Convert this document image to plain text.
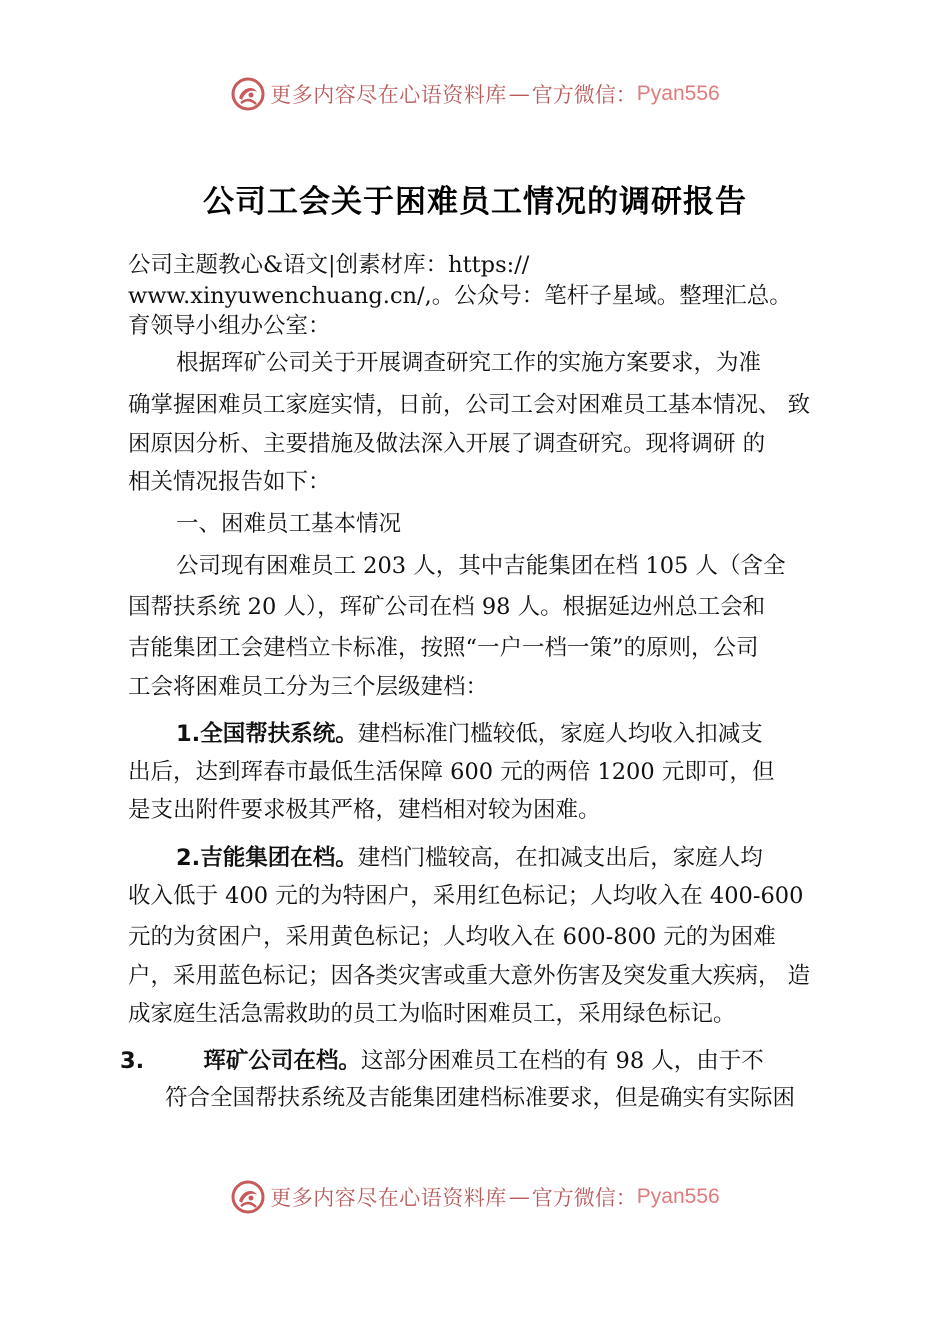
更多内容尽在心语资料库 — 官方微信： Pyan556
公司工会关于困难员工情况的调研报告
公司主题教心&语文|创素材库：https://
www.xinyuwenchuang.cn/,。公众号：笔杆子星域。整理汇总。
育领导小组办公室：
根据珲矿公司关于开展调查研究工作的实施方案要求，为准
确掌握困难员工家庭实情，日前，公司工会对困难员工基本情况、 致
困原因分析、主要措施及做法深入开展了调查研究。现将调研 的
相关情况报告如下：
一、困难员工基本情况
公司现有困难员工 203 人，其中吉能集团在档 105 人（含全
国帮扶系统 20 人），珲矿公司在档 98 人。根据延边州总工会和
吉能集团工会建档立卡标准，按照“一户一档一策”的原则，公司
工会将困难员工分为三个层级建档：
1.全国帮扶系统。建档标准门槛较低，家庭人均收入扣减支
出后，达到珲春市最低生活保障 600 元的两倍 1200 元即可，但
是支出附件要求极其严格，建档相对较为困难。
2.吉能集团在档。建档门槛较高，在扣减支出后，家庭人均
收入低于 400 元的为特困户，采用红色标记；人均收入在 400-600
元的为贫困户，采用黄色标记；人均收入在 600-800 元的为困难
户，采用蓝色标记；因各类灾害或重大意外伤害及突发重大疾病， 造
成家庭生活急需救助的员工为临时困难员工，采用绿色标记。
3.	珲矿公司在档。这部分困难员工在档的有 98 人，由于不
符合全国帮扶系统及吉能集团建档标准要求，但是确实有实际困
更多内容尽在心语资料库 — 官方微信： Pyan556
